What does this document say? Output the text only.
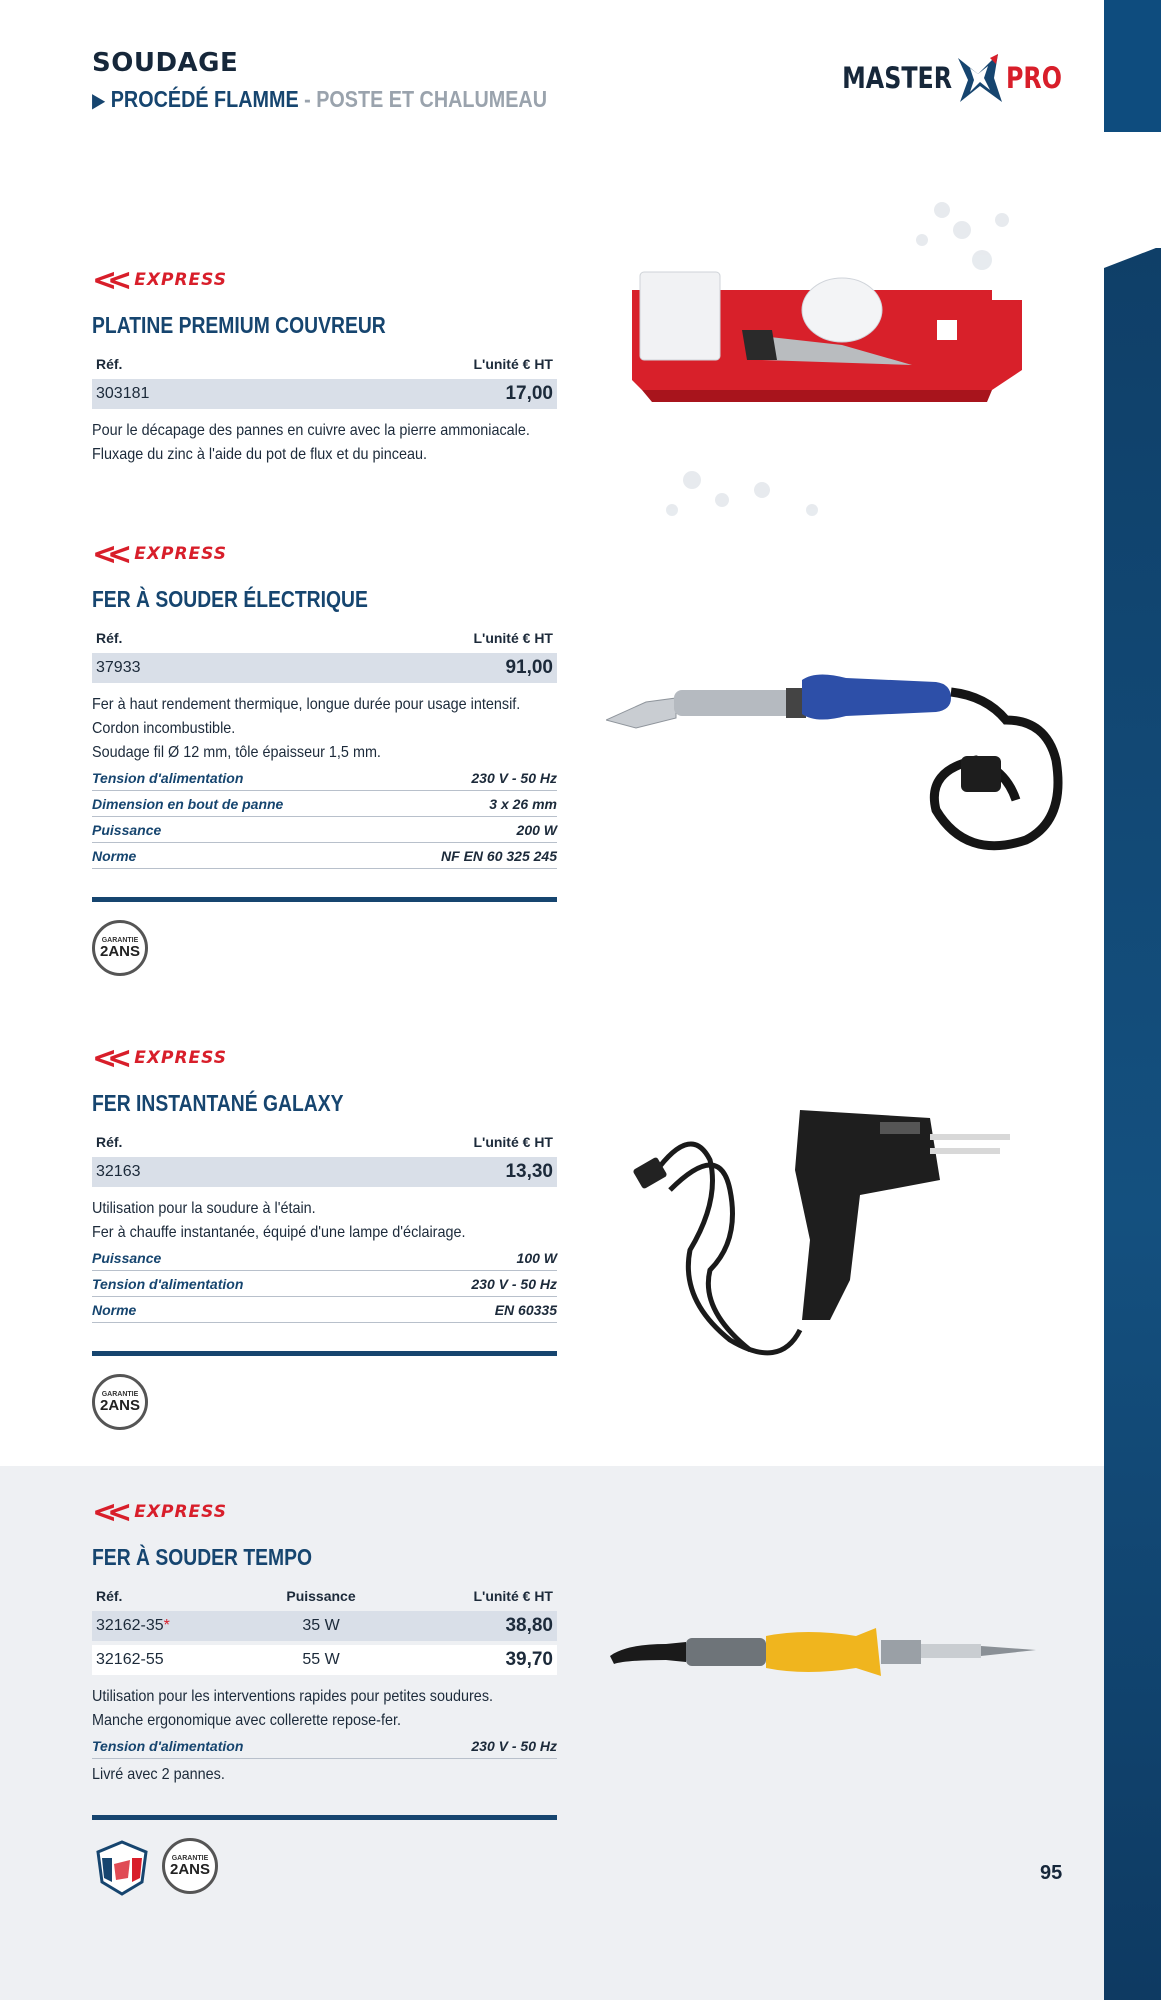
SOUDAGE
▶ PROCÉDÉ FLAMME - POSTE ET CHALUMEAU
MASTER PRO
<< EXPRESS
PLATINE PREMIUM COUVREUR
Réf.	L'unité € HT
303181	17,00
Pour le décapage des pannes en cuivre avec la pierre ammoniacale.
Fluxage du zinc à l'aide du pot de flux et du pinceau.
<< EXPRESS
FER À SOUDER ÉLECTRIQUE
Réf.	L'unité € HT
37933	91,00
Fer à haut rendement thermique, longue durée pour usage intensif.
Cordon incombustible.
Soudage fil Ø 12 mm, tôle épaisseur 1,5 mm.
Tension d'alimentation	230 V - 50 Hz
Dimension en bout de panne	3 x 26 mm
Puissance	200 W
Norme	NF EN 60 325 245
GARANTIE
2ANS
<< EXPRESS
FER INSTANTANÉ GALAXY
Réf.	L'unité € HT
32163	13,30
Utilisation pour la soudure à l'étain.
Fer à chauffe instantanée, équipé d'une lampe d'éclairage.
Puissance	100 W
Tension d'alimentation	230 V - 50 Hz
Norme	EN 60335
GARANTIE
2ANS
<< EXPRESS
FER À SOUDER TEMPO
Réf.	Puissance	L'unité € HT
32162-35*	35 W	38,80
32162-55	55 W	39,70
Utilisation pour les interventions rapides pour petites soudures.
Manche ergonomique avec collerette repose-fer.
Tension d'alimentation	230 V - 50 Hz
Livré avec 2 pannes.
GARANTIE
2ANS	95
